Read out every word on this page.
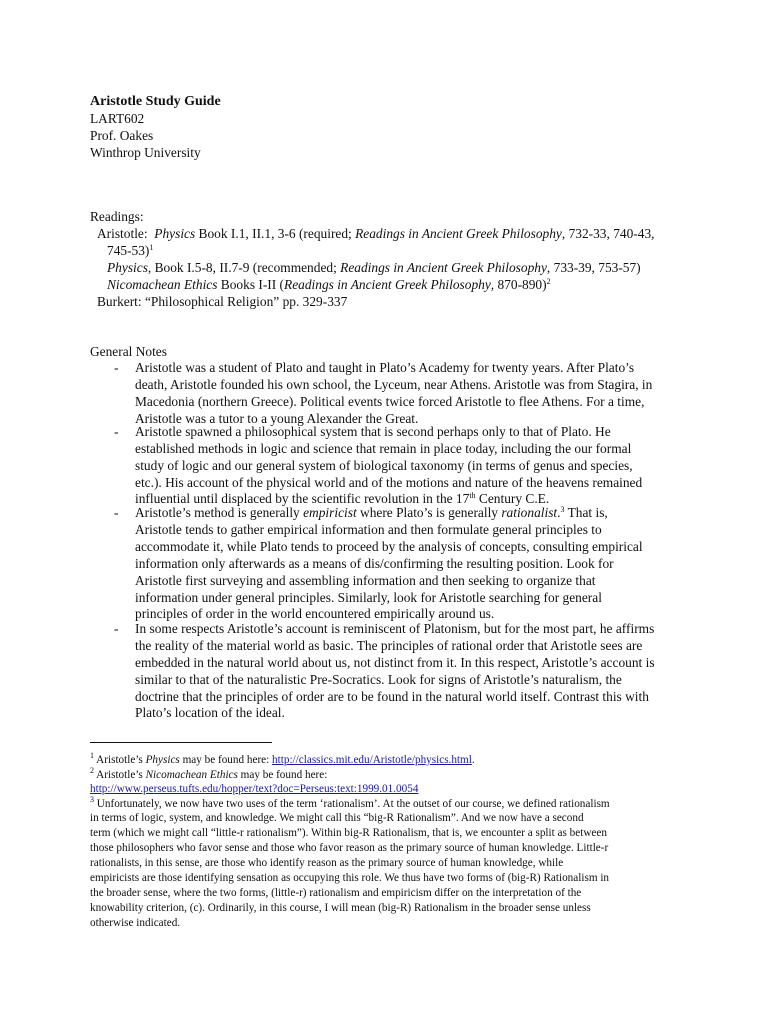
Aristotle Study Guide
LART602
Prof. Oakes
Winthrop University
Readings:
Aristotle: Physics Book I.1, II.1, 3-6 (required; Readings in Ancient Greek Philosophy, 732-33, 740-43,
745-53)$^1$
Physics, Book I.5-8, II.7-9 (recommended; Readings in Ancient Greek Philosophy, 733-39, 753-57)
Nicomachean Ethics Books I-II (Readings in Ancient Greek Philosophy, 870-890)$^2$
Burkert: “Philosophical Religion” pp. 329-337
General Notes
- Aristotle was a student of Plato and taught in Plato’s Academy for twenty years. After Plato’s
death, Aristotle founded his own school, the Lyceum, near Athens. Aristotle was from Stagira, in
Macedonia (northern Greece). Political events twice forced Aristotle to flee Athens. For a time,
Aristotle was a tutor to a young Alexander the Great.
- Aristotle spawned a philosophical system that is second perhaps only to that of Plato. He
established methods in logic and science that remain in place today, including the our formal
study of logic and our general system of biological taxonomy (in terms of genus and species,
etc.). His account of the physical world and of the motions and nature of the heavens remained
influential until displaced by the scientific revolution in the 17th Century C.E.
- Aristotle’s method is generally empiricist where Plato’s is generally rationalist.$^3$ That is,
Aristotle tends to gather empirical information and then formulate general principles to
accommodate it, while Plato tends to proceed by the analysis of concepts, consulting empirical
information only afterwards as a means of dis/confirming the resulting position. Look for
Aristotle first surveying and assembling information and then seeking to organize that
information under general principles. Similarly, look for Aristotle searching for general
principles of order in the world encountered empirically around us.
- In some respects Aristotle’s account is reminiscent of Platonism, but for the most part, he affirms
the reality of the material world as basic. The principles of rational order that Aristotle sees are
embedded in the natural world about us, not distinct from it. In this respect, Aristotle’s account is
similar to that of the naturalistic Pre-Socratics. Look for signs of Aristotle’s naturalism, the
doctrine that the principles of order are to be found in the natural world itself. Contrast this with
Plato’s location of the ideal.
$^1$ Aristotle’s Physics may be found here: http://classics.mit.edu/Aristotle/physics.html.
$^2$ Aristotle’s Nicomachean Ethics may be found here:
http://www.perseus.tufts.edu/hopper/text?doc=Perseus:text:1999.01.0054
$^3$ Unfortunately, we now have two uses of the term ‘rationalism’. At the outset of our course, we defined rationalism
in terms of logic, system, and knowledge. We might call this “big-R Rationalism”. And we now have a second
term (which we might call “little-r rationalism”). Within big-R Rationalism, that is, we encounter a split as between
those philosophers who favor sense and those who favor reason as the primary source of human knowledge. Little-r
rationalists, in this sense, are those who identify reason as the primary source of human knowledge, while
empiricists are those identifying sensation as occupying this role. We thus have two forms of (big-R) Rationalism in
the broader sense, where the two forms, (little-r) rationalism and empiricism differ on the interpretation of the
knowability criterion, (c). Ordinarily, in this course, I will mean (big-R) Rationalism in the broader sense unless
otherwise indicated.
